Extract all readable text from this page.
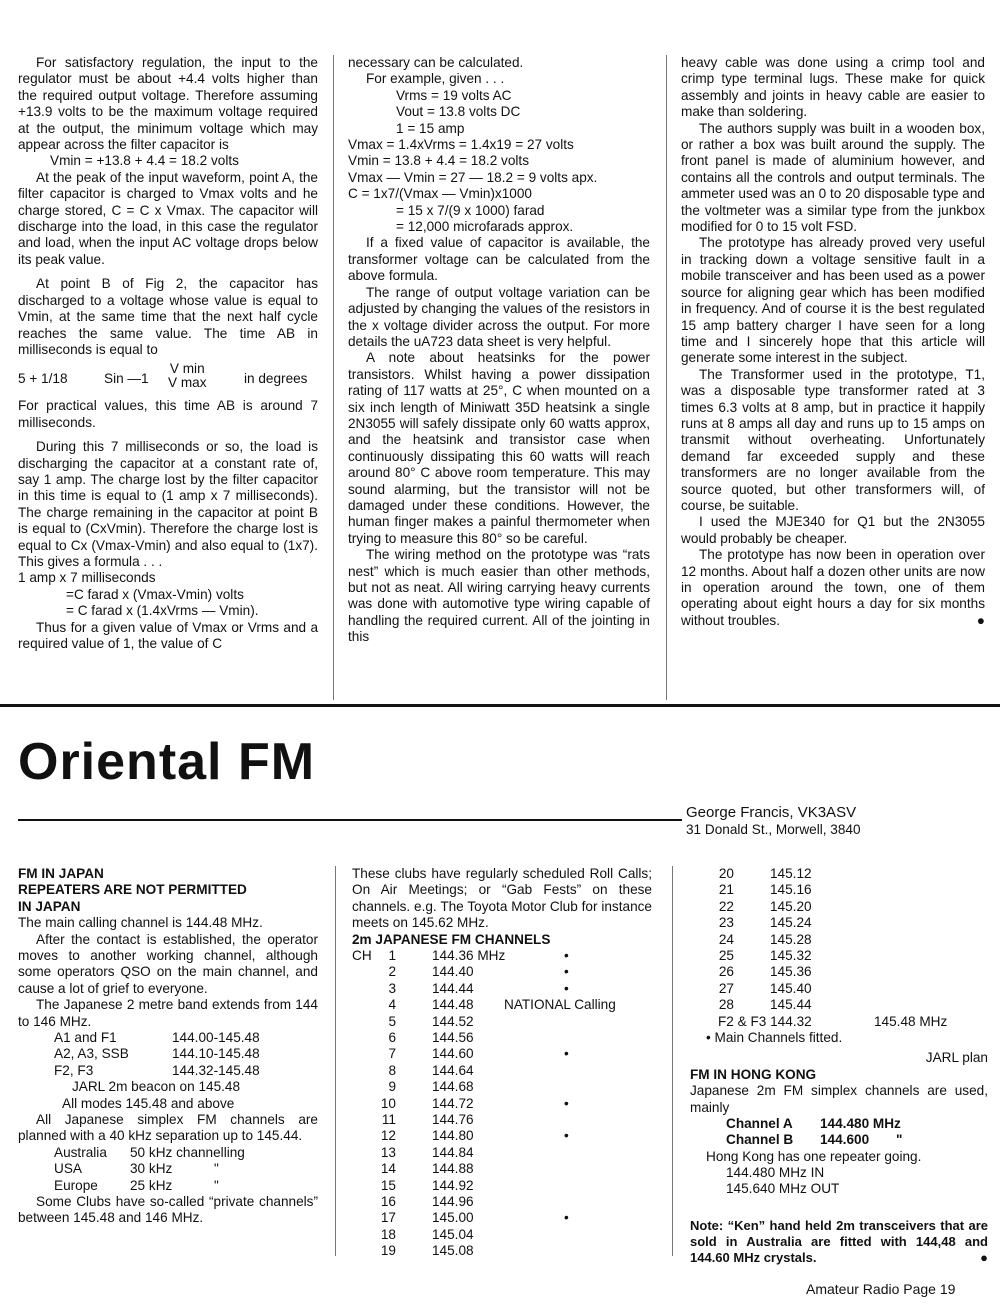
For satisfactory regulation, the input to the regulator must be about +4.4 volts higher than the required output voltage. Therefore assuming +13.9 volts to be the maximum voltage required at the output, the minimum voltage which may appear across the filter capacitor is

Vmin = +13.8 + 4.4 = 18.2 volts

At the peak of the input waveform, point A, the filter capacitor is charged to Vmax volts and he charge stored, C = C x Vmax. The capacitor will discharge into the load, in this case the regulator and load, when the input AC voltage drops below its peak value.

At point B of Fig 2, the capacitor has discharged to a voltage whose value is equal to Vmin, at the same time that the next half cycle reaches the same value. The time AB in milliseconds is equal to

5 + 1/18	Sin —1
V min
V max	in degrees

For practical values, this time AB is around 7 milliseconds.

During this 7 milliseconds or so, the load is discharging the capacitor at a constant rate of, say 1 amp. The charge lost by the filter capacitor in this time is equal to (1 amp x 7 milliseconds). The charge remaining in the capacitor at point B is equal to (CxVmin). Therefore the charge lost is equal to Cx (Vmax-Vmin) and also equal to (1x7). This gives a formula . . .

1 amp x 7 milliseconds

=C farad x (Vmax-Vmin) volts

= C farad x (1.4xVrms — Vmin).

Thus for a given value of Vmax or Vrms and a required value of 1, the value of C

necessary can be calculated.

For example, given . . .

Vrms = 19 volts AC

Vout = 13.8 volts DC

1 = 15 amp

Vmax = 1.4xVrms = 1.4x19 = 27 volts

Vmin = 13.8 + 4.4 = 18.2 volts

Vmax — Vmin = 27 — 18.2 = 9 volts apx.

C = 1x7/(Vmax — Vmin)x1000

= 15 x 7/(9 x 1000) farad

= 12,000 microfarads approx.

If a fixed value of capacitor is available, the transformer voltage can be calculated from the above formula.

The range of output voltage variation can be adjusted by changing the values of the resistors in the x voltage divider across the output. For more details the uA723 data sheet is very helpful.

A note about heatsinks for the power transistors. Whilst having a power dissipation rating of 117 watts at 25°, C when mounted on a six inch length of Miniwatt 35D heatsink a single 2N3055 will safely dissipate only 60 watts approx, and the heatsink and transistor case when continuously dissipating this 60 watts will reach around 80° C above room temperature. This may sound alarming, but the transistor will not be damaged under these conditions. However, the human finger makes a painful thermometer when trying to measure this 80° so be careful.

The wiring method on the prototype was “rats nest” which is much easier than other methods, but not as neat. All wiring carrying heavy currents was done with automotive type wiring capable of handling the required current. All of the jointing in this

heavy cable was done using a crimp tool and crimp type terminal lugs. These make for quick assembly and joints in heavy cable are easier to make than soldering.

The authors supply was built in a wooden box, or rather a box was built around the supply. The front panel is made of aluminium however, and contains all the controls and output terminals. The ammeter used was an 0 to 20 disposable type and the voltmeter was a similar type from the junkbox modified for 0 to 15 volt FSD.

The prototype has already proved very useful in tracking down a voltage sensitive fault in a mobile transceiver and has been used as a power source for aligning gear which has been modified in frequency. And of course it is the best regulated 15 amp battery charger I have seen for a long time and I sincerely hope that this article will generate some interest in the subject.

The Transformer used in the prototype, T1, was a disposable type transformer rated at 3 times 6.3 volts at 8 amp, but in practice it happily runs at 8 amps all day and runs up to 15 amps on transmit without overheating. Unfortunately demand far exceeded supply and these transformers are no longer available from the source quoted, but other transformers will, of course, be suitable.

I used the MJE340 for Q1 but the 2N3055 would probably be cheaper.

The prototype has now been in operation over 12 months. About half a dozen other units are now in operation around the town, one of them operating about eight hours a day for six months without troubles.	●

Oriental FM
George Francis, VK3ASV
31 Donald St., Morwell, 3840

FM IN JAPAN

REPEATERS ARE NOT PERMITTED

IN JAPAN

The main calling channel is 144.48 MHz.

After the contact is established, the operator moves to another working channel, although some operators QSO on the main channel, and cause a lot of grief to everyone.

The Japanese 2 metre band extends from 144 to 146 MHz.

A1 and F1	144.00-145.48
A2, A3, SSB	144.10-145.48
F2, F3	144.32-145.48
JARL 2m beacon on 145.48
All modes 145.48 and above

All Japanese simplex FM channels are planned with a 40 kHz separation up to 145.44.

Australia 50 kHz channelling
USA	30 kHz	"
Europe 25 kHz	"

Some Clubs have so-called “private channels” between 145.48 and 146 MHz.

These clubs have regularly scheduled Roll Calls; On Air Meetings; or “Gab Fests” on these channels. e.g. The Toyota Motor Club for instance meets on 145.62 MHz.

2m JAPANESE FM CHANNELS

CH	1	144.36 MHz	•
2	144.40	•
3	144.44	•
4	144.48 NATIONAL Calling
5	144.52
6	144.56
7	144.60	•
8	144.64
9	144.68
10	144.72	•
11	144.76
12	144.80	•
13	144.84
14	144.88
15	144.92
16	144.96
17	145.00	•
18	145.04
19	145.08
20	145.12
21	145.16
22	145.20
23	145.24
24	145.28
25	145.32
26	145.36
27	145.40
28	145.44
F2 & F3 144.32	145.48 MHz
• Main Channels fitted.

JARL plan

FM IN HONG KONG

Japanese 2m FM simplex channels are used, mainly

Channel A 144.480 MHz
Channel B 144.600 "
Hong Kong has one repeater going.
144.480 MHz IN
145.640 MHz OUT

Note: “Ken” hand held 2m transceivers that are sold in Australia are fitted with 144,48 and 144.60 MHz crystals.	●

Amateur Radio Page 19
